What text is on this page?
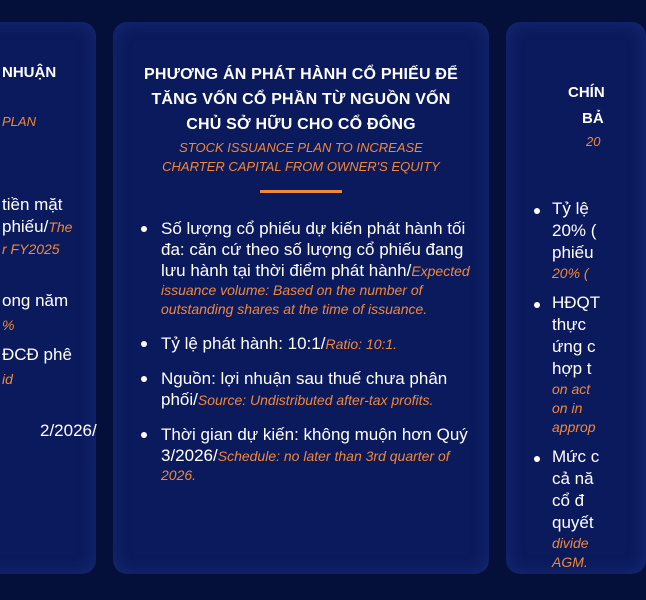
NHUẬN
PLAN
tiền mặt
phiếu/The
r FY2025
ong năm
%
ĐCĐ phê
id
2/2026/
PHƯƠNG ÁN PHÁT HÀNH CỔ PHIẾU ĐỂ
TĂNG VỐN CỔ PHẦN TỪ NGUỒN VỐN
CHỦ SỞ HỮU CHO CỔ ĐÔNG
STOCK ISSUANCE PLAN TO INCREASE
CHARTER CAPITAL FROM OWNER'S EQUITY
Số lượng cổ phiếu dự kiến phát hành tối đa: căn cứ theo số lượng cổ phiếu đang lưu hành tại thời điểm phát hành/Expected issuance volume: Based on the number of outstanding shares at the time of issuance.
Tỷ lệ phát hành: 10:1/Ratio: 10:1.
Nguồn: lợi nhuận sau thuế chưa phân phối/Source: Undistributed after-tax profits.
Thời gian dự kiến: không muộn hơn Quý 3/2026/Schedule: no later than 3rd quarter of 2026.
CHÍN
BẢ
20
Tỷ lệ
20% (
phiếu
20% (
HĐQT
thực
ứng c
hợp t
on act
on in
approp
Mức c
cả nă
cổ đ
quyết
divide
AGM.
